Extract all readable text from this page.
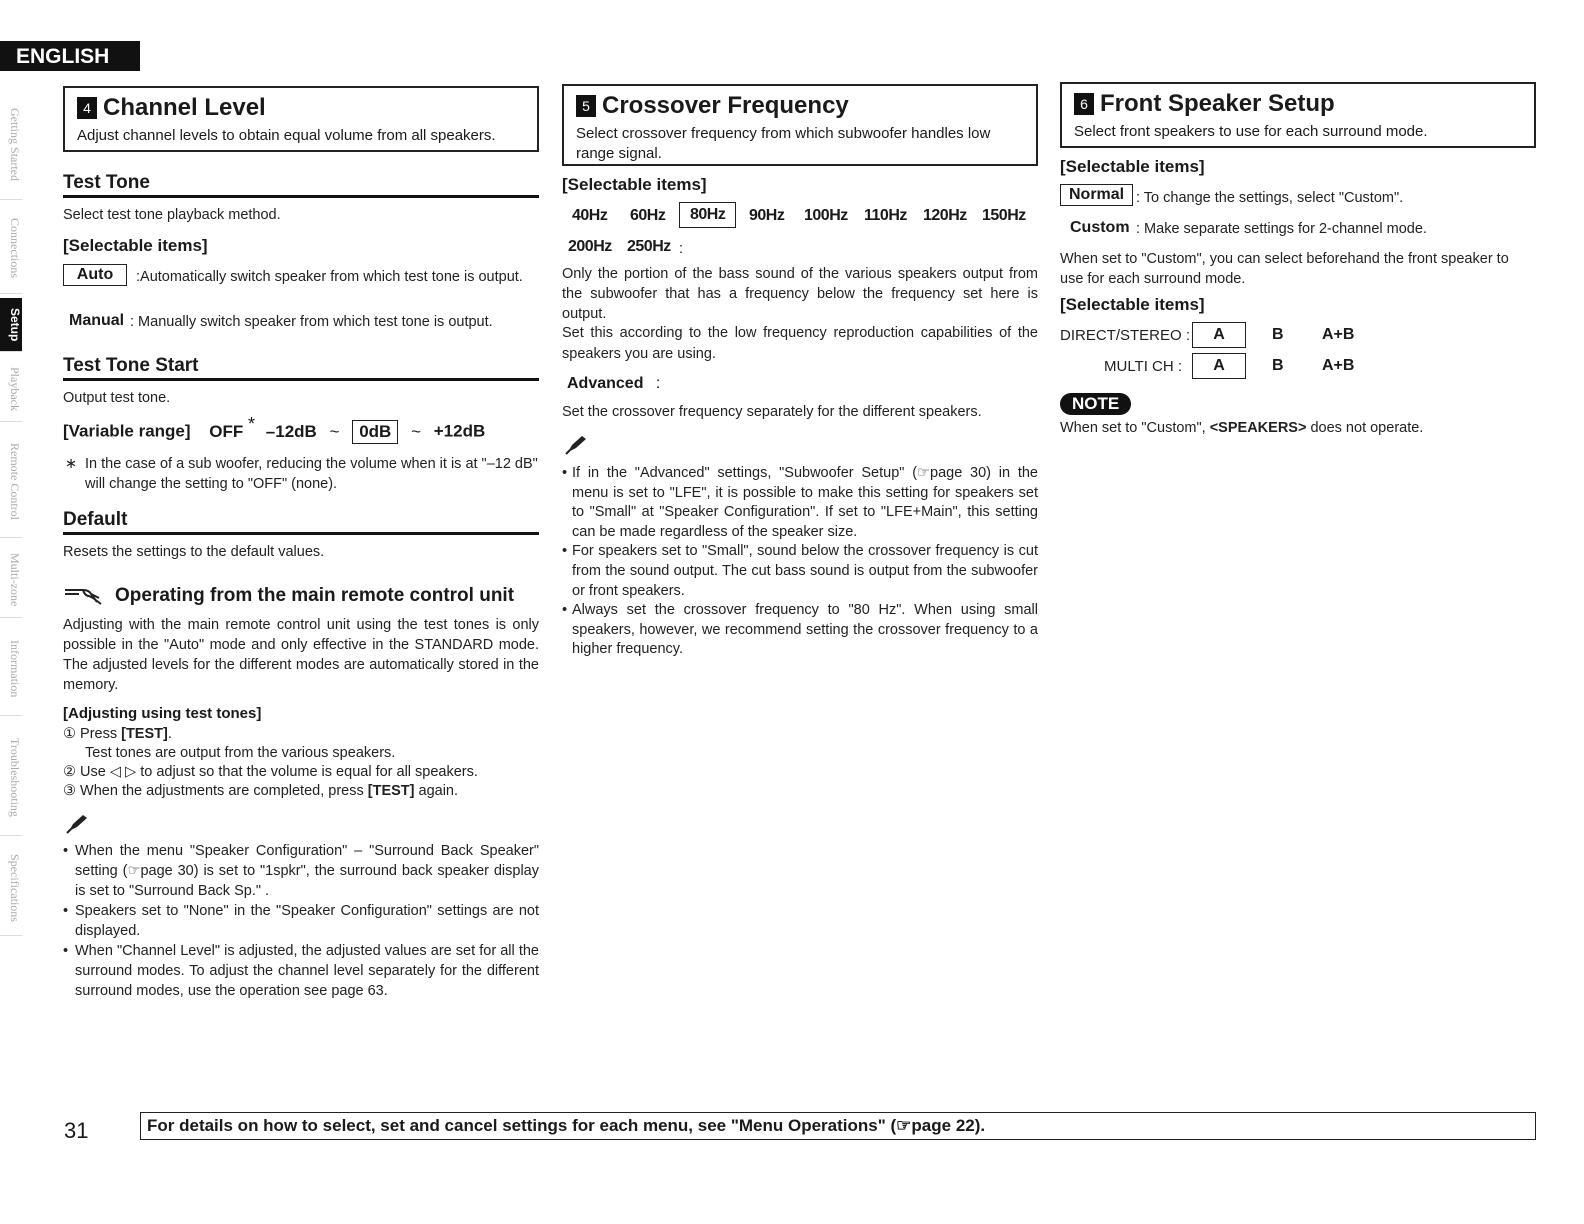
ENGLISH
Getting Started
Connections
Setup
Playback
Remote Control
Multi-zone
Information
Troubleshooting
Specifications
4 Channel Level
Adjust channel levels to obtain equal volume from all speakers.
Test Tone
Select test tone playback method.
[Selectable items]
Auto	:Automatically switch speaker from which test tone is output.
Manual : Manually switch speaker from which test tone is output.
Test Tone Start
Output test tone.
[Variable range] OFF * –12dB ~ 0dB ~ +12dB
∗ In the case of a sub woofer, reducing the volume when it is at "–12 dB" will change the setting to "OFF" (none).
Default
Resets the settings to the default values.
Operating from the main remote control unit
Adjusting with the main remote control unit using the test tones is only possible in the "Auto" mode and only effective in the STANDARD mode. The adjusted levels for the different modes are automatically stored in the memory.
[Adjusting using test tones]
① Press [TEST].
Test tones are output from the various speakers.
② Use ◁ ▷ to adjust so that the volume is equal for all speakers.
③ When the adjustments are completed, press [TEST] again.
• When the menu "Speaker Configuration" – "Surround Back Speaker" setting (☞page 30) is set to "1spkr", the surround back speaker display is set to "Surround Back Sp." .
• Speakers set to "None" in the "Speaker Configuration" settings are not displayed.
• When "Channel Level" is adjusted, the adjusted values are set for all the surround modes. To adjust the channel level separately for the different surround modes, use the operation see page 63.
5 Crossover Frequency
Select crossover frequency from which subwoofer handles low range signal.
[Selectable items]
40Hz 60Hz	80Hz	90Hz 100Hz 110Hz 120Hz 150Hz
200Hz 250Hz :
Only the portion of the bass sound of the various speakers output from the subwoofer that has a frequency below the frequency set here is output.
Set this according to the low frequency reproduction capabilities of the speakers you are using.
Advanced :
Set the crossover frequency separately for the different speakers.
• If in the "Advanced" settings, "Subwoofer Setup" (☞page 30) in the menu is set to "LFE", it is possible to make this setting for speakers set to "Small" at "Speaker Configuration". If set to "LFE+Main", this setting can be made regardless of the speaker size.
• For speakers set to "Small", sound below the crossover frequency is cut from the sound output. The cut bass sound is output from the subwoofer or front speakers.
• Always set the crossover frequency to "80 Hz". When using small speakers, however, we recommend setting the crossover frequency to a higher frequency.
6 Front Speaker Setup
Select front speakers to use for each surround mode.
[Selectable items]
Normal : To change the settings, select "Custom".
Custom : Make separate settings for 2-channel mode.
When set to "Custom", you can select beforehand the front speaker to use for each surround mode.
[Selectable items]
DIRECT/STEREO :	A	B A+B
MULTI CH :	A	B A+B
NOTE
When set to "Custom", <SPEAKERS> does not operate.
31	For details on how to select, set and cancel settings for each menu, see "Menu Operations" (☞page 22).
